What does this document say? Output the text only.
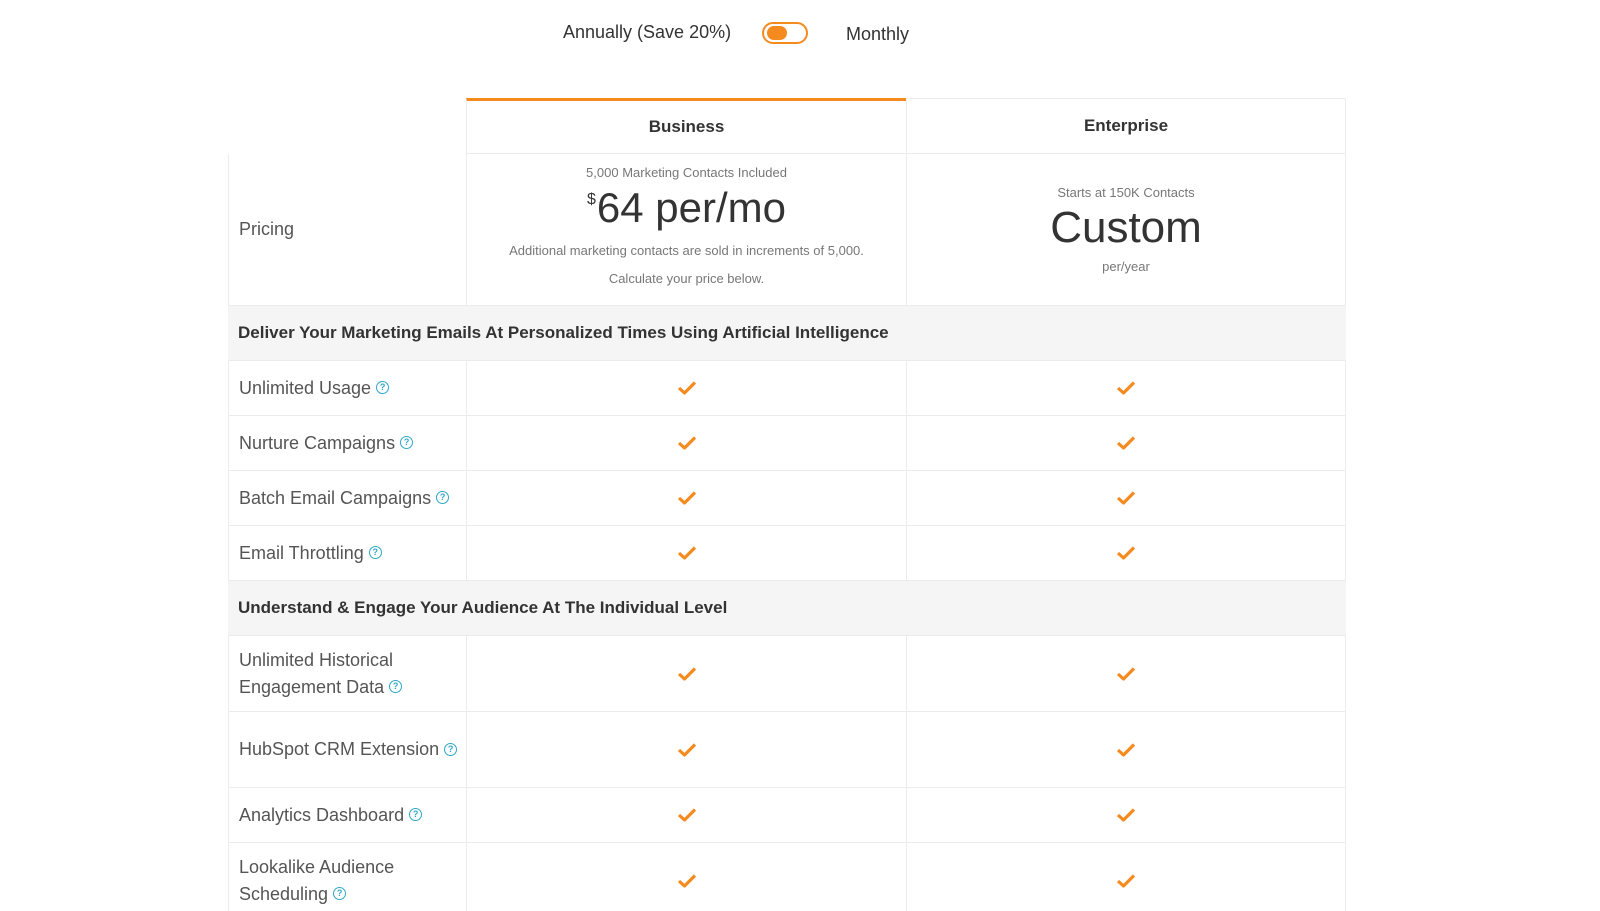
Annually (Save 20%)	Monthly
Business	Enterprise
Pricing
5,000 Marketing Contacts Included
$64 per/mo
Additional marketing contacts are sold in increments of 5,000.
Calculate your price below.
Starts at 150K Contacts
Custom
per/year
Deliver Your Marketing Emails At Personalized Times Using Artificial Intelligence
Unlimited Usage ?
Nurture Campaigns ?
Batch Email Campaigns ?
Email Throttling ?
Understand & Engage Your Audience At The Individual Level
Unlimited Historical Engagement Data ?
HubSpot CRM Extension ?
Analytics Dashboard ?
Lookalike Audience Scheduling ?
